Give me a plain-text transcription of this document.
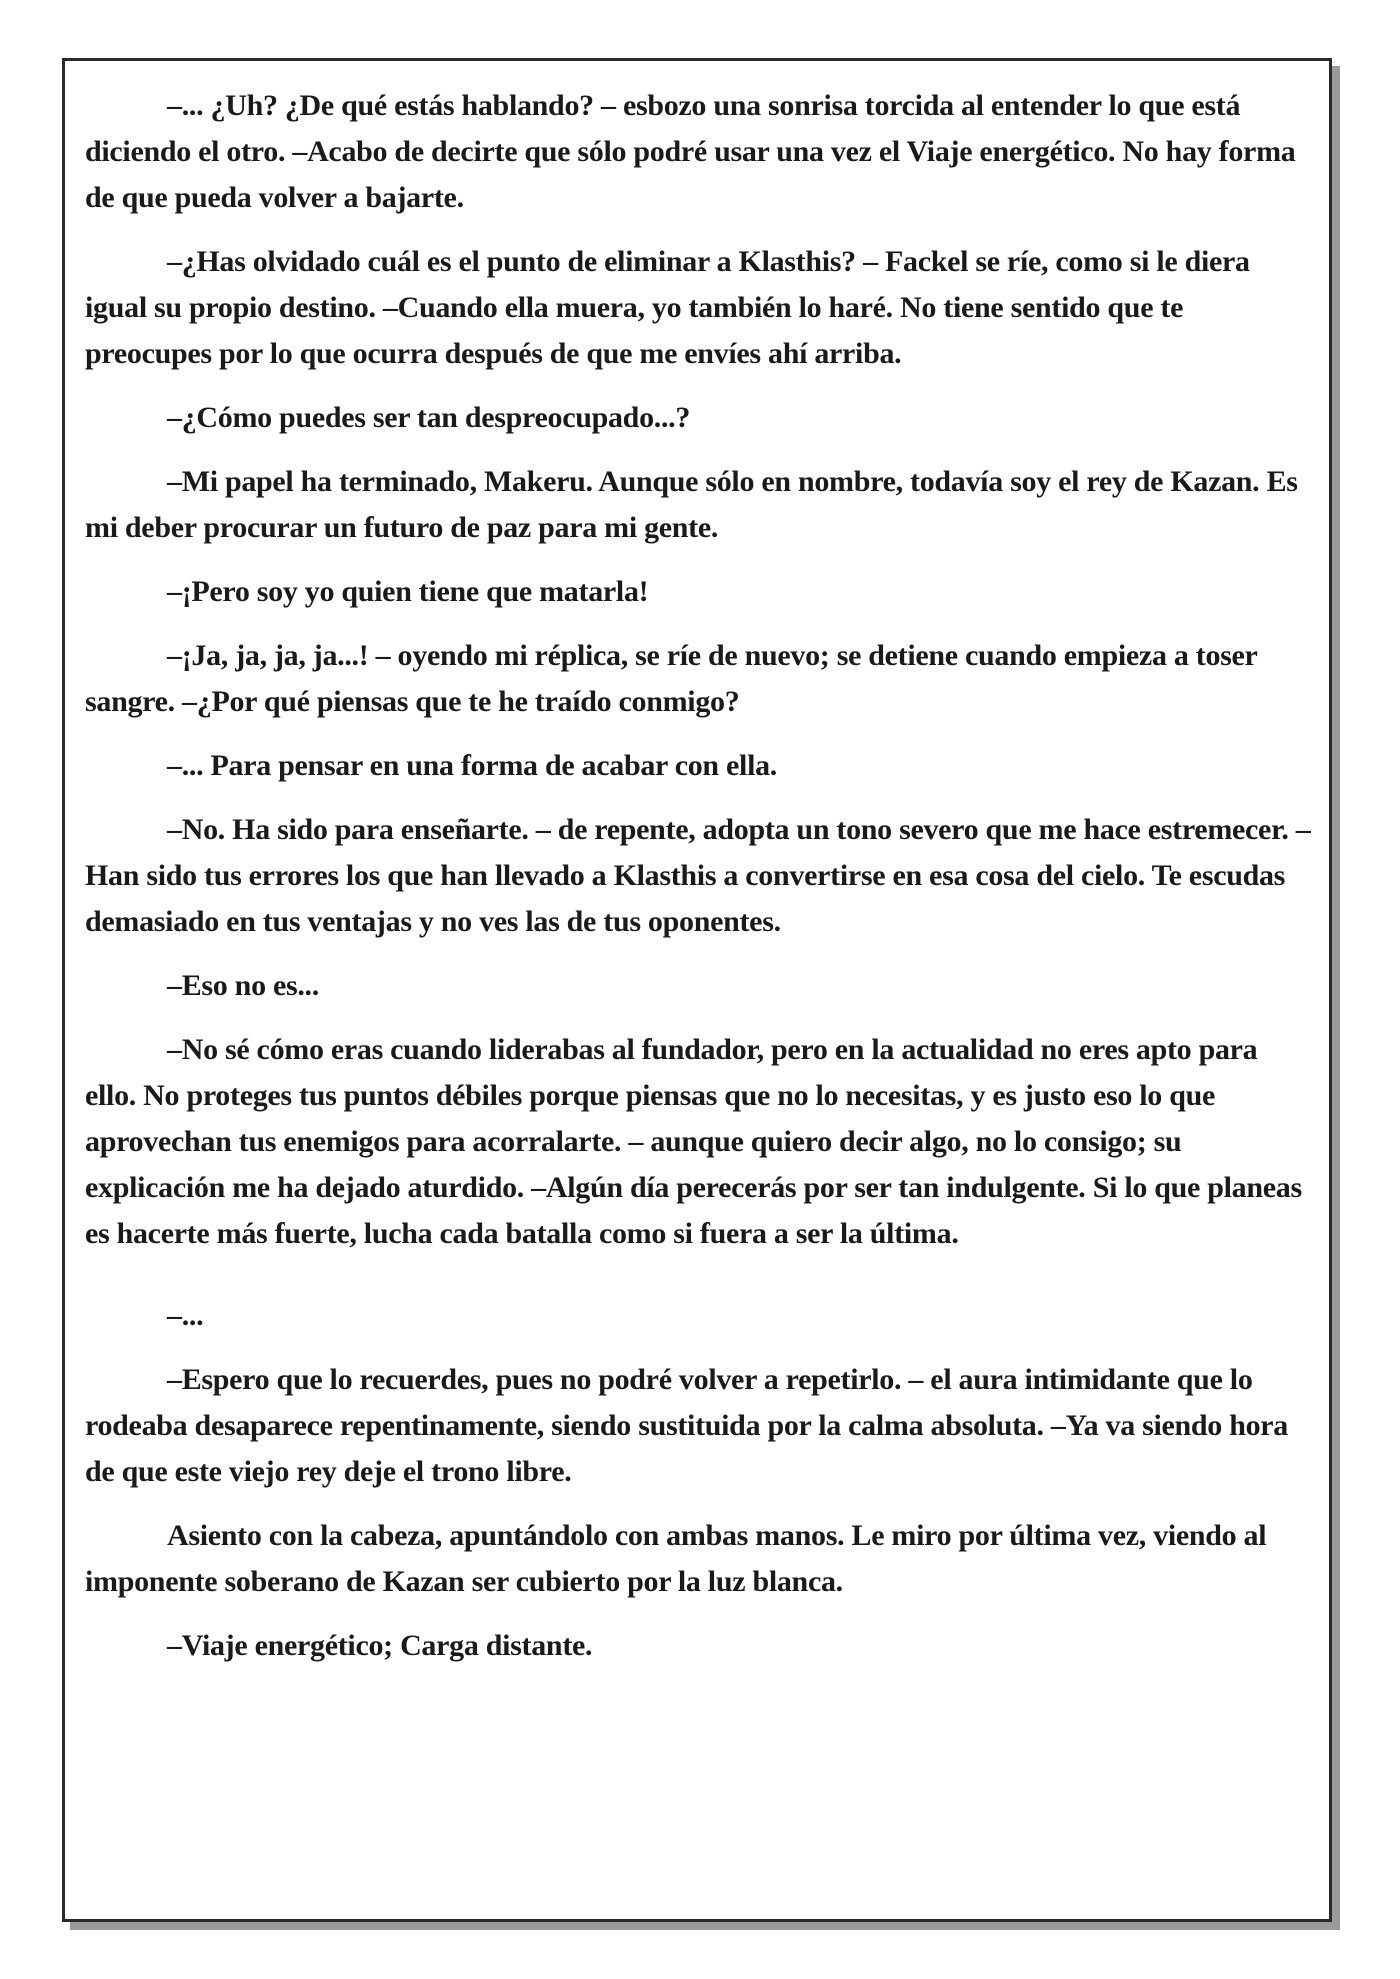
–... ¿Uh? ¿De qué estás hablando? – esbozo una sonrisa torcida al entender lo que está diciendo el otro. –Acabo de decirte que sólo podré usar una vez el Viaje energético. No hay forma de que pueda volver a bajarte.

–¿Has olvidado cuál es el punto de eliminar a Klasthis? – Fackel se ríe, como si le diera igual su propio destino. –Cuando ella muera, yo también lo haré. No tiene sentido que te preocupes por lo que ocurra después de que me envíes ahí arriba.

–¿Cómo puedes ser tan despreocupado...?

–Mi papel ha terminado, Makeru. Aunque sólo en nombre, todavía soy el rey de Kazan. Es mi deber procurar un futuro de paz para mi gente.

–¡Pero soy yo quien tiene que matarla!

–¡Ja, ja, ja, ja...! – oyendo mi réplica, se ríe de nuevo; se detiene cuando empieza a toser sangre. –¿Por qué piensas que te he traído conmigo?

–... Para pensar en una forma de acabar con ella.

–No. Ha sido para enseñarte. – de repente, adopta un tono severo que me hace estremecer. –Han sido tus errores los que han llevado a Klasthis a convertirse en esa cosa del cielo. Te escudas demasiado en tus ventajas y no ves las de tus oponentes.

–Eso no es...

–No sé cómo eras cuando liderabas al fundador, pero en la actualidad no eres apto para ello. No proteges tus puntos débiles porque piensas que no lo necesitas, y es justo eso lo que aprovechan tus enemigos para acorralarte. – aunque quiero decir algo, no lo consigo; su explicación me ha dejado aturdido. –Algún día perecerás por ser tan indulgente. Si lo que planeas es hacerte más fuerte, lucha cada batalla como si fuera a ser la última.

–...

–Espero que lo recuerdes, pues no podré volver a repetirlo. – el aura intimidante que lo rodeaba desaparece repentinamente, siendo sustituida por la calma absoluta. –Ya va siendo hora de que este viejo rey deje el trono libre.

Asiento con la cabeza, apuntándolo con ambas manos. Le miro por última vez, viendo al imponente soberano de Kazan ser cubierto por la luz blanca.

–Viaje energético; Carga distante.
